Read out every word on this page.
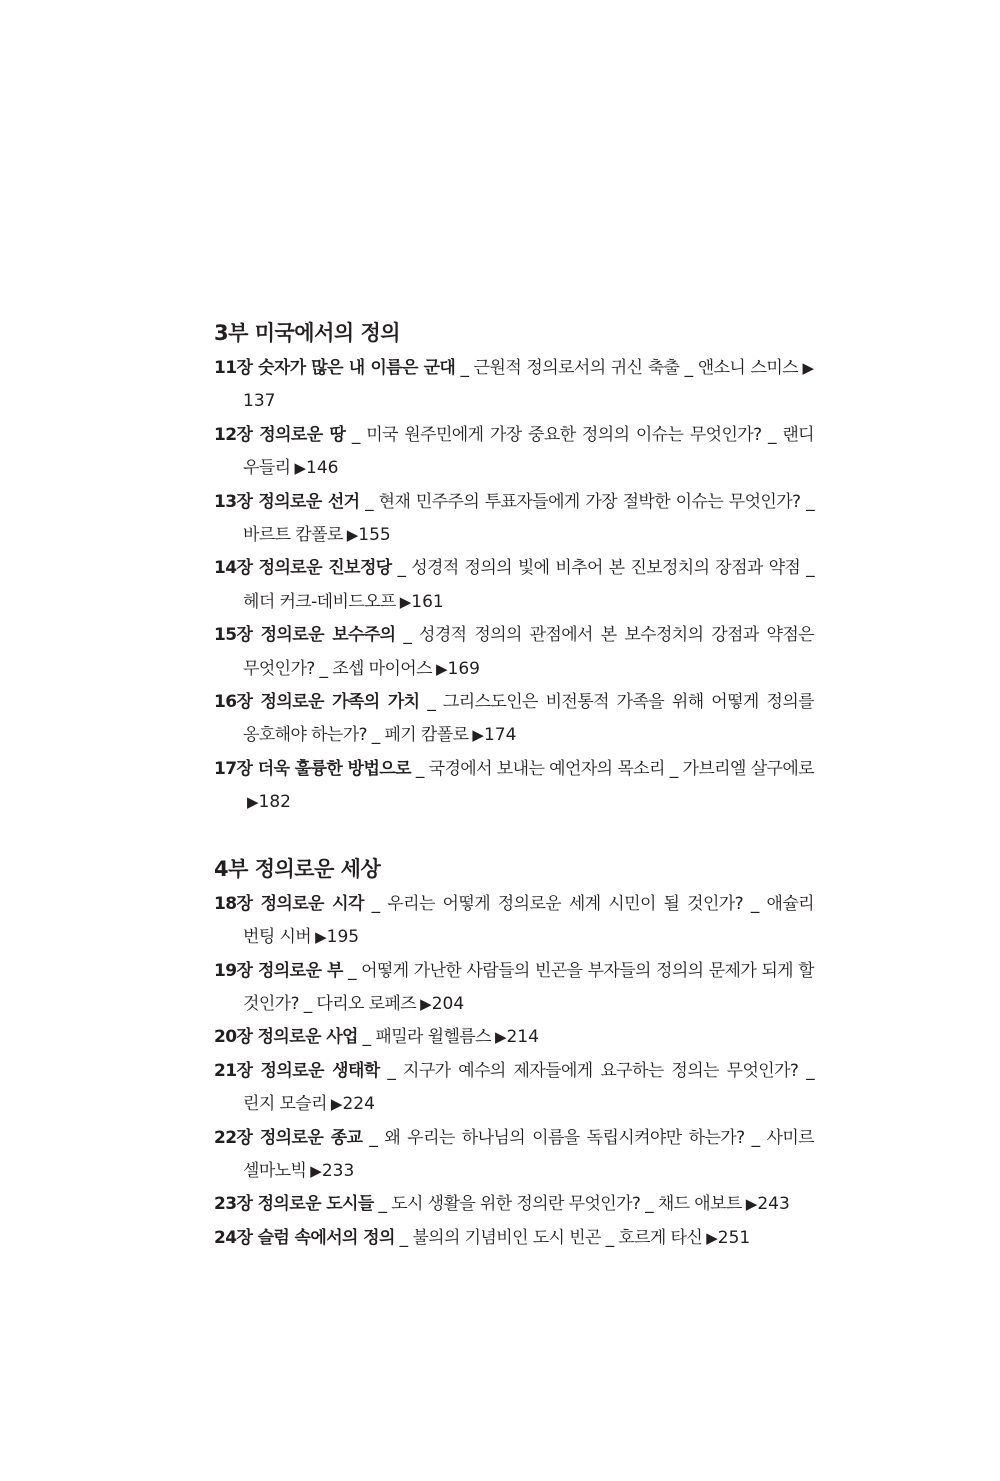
3부 미국에서의 정의
11장 숫자가 많은 내 이름은 군대 _ 근원적 정의로서의 귀신 축출 _ 앤소니 스미스 ▶ 137
12장 정의로운 땅 _ 미국 원주민에게 가장 중요한 정의의 이슈는 무엇인가? _ 랜디 우들리 ▶146
13장 정의로운 선거 _ 현재 민주주의 투표자들에게 가장 절박한 이슈는 무엇인가? _ 바르트 캄폴로 ▶155
14장 정의로운 진보정당 _ 성경적 정의의 빛에 비추어 본 진보정치의 장점과 약점 _ 헤더 커크-데비드오프 ▶161
15장 정의로운 보수주의 _ 성경적 정의의 관점에서 본 보수정치의 강점과 약점은 무엇인가? _ 조셉 마이어스 ▶169
16장 정의로운 가족의 가치 _ 그리스도인은 비전통적 가족을 위해 어떻게 정의를 옹호해야 하는가? _ 페기 캄폴로 ▶174
17장 더욱 훌륭한 방법으로 _ 국경에서 보내는 예언자의 목소리 _ 가브리엘 살구에로▶182
4부 정의로운 세상
18장 정의로운 시각 _ 우리는 어떻게 정의로운 세계 시민이 될 것인가? _ 애슐리 번팅 시버 ▶195
19장 정의로운 부 _ 어떻게 가난한 사람들의 빈곤을 부자들의 정의의 문제가 되게 할 것인가? _ 다리오 로페즈 ▶204
20장 정의로운 사업 _ 패밀라 윌헬름스 ▶214
21장 정의로운 생태학 _ 지구가 예수의 제자들에게 요구하는 정의는 무엇인가? _ 린지 모슬리 ▶224
22장 정의로운 종교 _ 왜 우리는 하나님의 이름을 독립시켜야만 하는가? _ 사미르 셀마노빅 ▶233
23장 정의로운 도시들 _ 도시 생활을 위한 정의란 무엇인가? _ 채드 애보트 ▶243
24장 슬럼 속에서의 정의 _ 불의의 기념비인 도시 빈곤 _ 호르게 타신 ▶251
